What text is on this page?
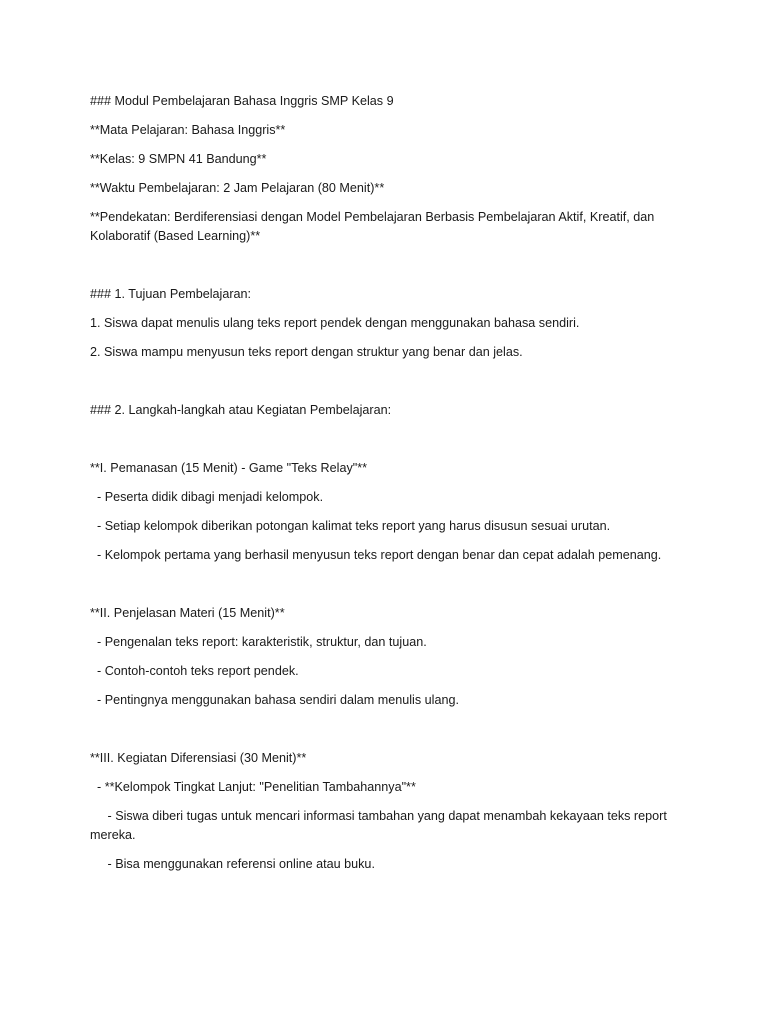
### Modul Pembelajaran Bahasa Inggris SMP Kelas 9
**Mata Pelajaran: Bahasa Inggris**
**Kelas: 9 SMPN 41 Bandung**
**Waktu Pembelajaran: 2 Jam Pelajaran (80 Menit)**
**Pendekatan: Berdiferensiasi dengan Model Pembelajaran Berbasis Pembelajaran Aktif, Kreatif, dan Kolaboratif (Based Learning)**
### 1. Tujuan Pembelajaran:
1. Siswa dapat menulis ulang teks report pendek dengan menggunakan bahasa sendiri.
2. Siswa mampu menyusun teks report dengan struktur yang benar dan jelas.
### 2. Langkah-langkah atau Kegiatan Pembelajaran:
**I. Pemanasan (15 Menit) - Game "Teks Relay"**
- Peserta didik dibagi menjadi kelompok.
- Setiap kelompok diberikan potongan kalimat teks report yang harus disusun sesuai urutan.
- Kelompok pertama yang berhasil menyusun teks report dengan benar dan cepat adalah pemenang.
**II. Penjelasan Materi (15 Menit)**
- Pengenalan teks report: karakteristik, struktur, dan tujuan.
- Contoh-contoh teks report pendek.
- Pentingnya menggunakan bahasa sendiri dalam menulis ulang.
**III. Kegiatan Diferensiasi (30 Menit)**
- **Kelompok Tingkat Lanjut: "Penelitian Tambahannya"**
- Siswa diberi tugas untuk mencari informasi tambahan yang dapat menambah kekayaan teks report mereka.
- Bisa menggunakan referensi online atau buku.
